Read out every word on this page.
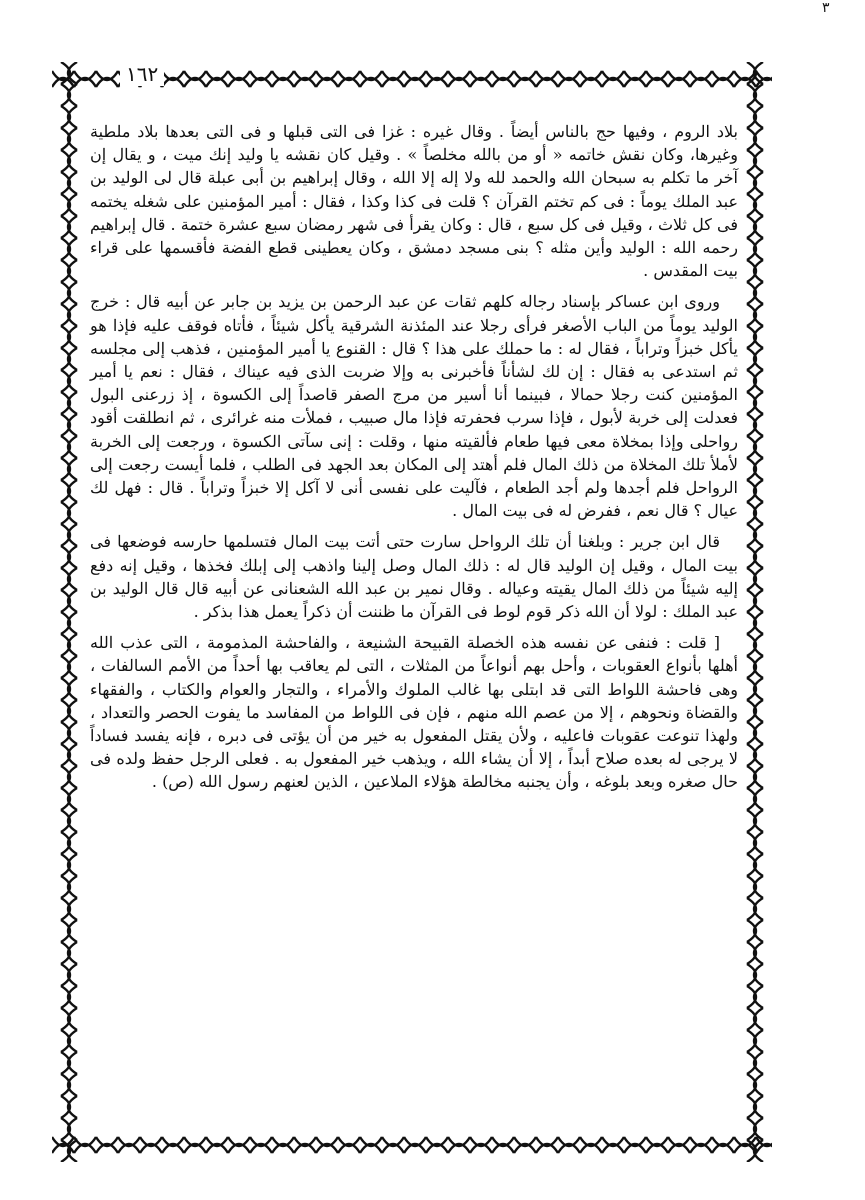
٣
١٦٢

بلاد الروم ، وفيها حج بالناس أيضاً . وقال غيره : غزا فى التى قبلها و فى التى بعدها بلاد ملطية وغيرها، وكان نقش خاتمه « أو من بالله مخلصاً » . وقيل كان نقشه يا وليد إنك ميت ، و يقال إن آخر ما تكلم به سبحان الله والحمد لله ولا إله إلا الله ، وقال إبراهيم بن أبى عبلة قال لى الوليد بن عبد الملك يوماً : فى كم تختم القرآن ؟ قلت فى كذا وكذا ، فقال : أمير المؤمنين على شغله يختمه فى كل ثلاث ، وقيل فى كل سبع ، قال : وكان يقرأ فى شهر رمضان سبع عشرة ختمة . قال إبراهيم رحمه الله : الوليد وأين مثله ؟ بنى مسجد دمشق ، وكان يعطينى قطع الفضة فأقسمها على قراء بيت المقدس .

وروى ابن عساكر بإسناد رجاله كلهم ثقات عن عبد الرحمن بن يزيد بن جابر عن أبيه قال : خرج الوليد يوماً من الباب الأصغر فرأى رجلا عند المئذنة الشرقية يأكل شيئاً ، فأتاه فوقف عليه فإذا هو يأكل خبزاً وتراباً ، فقال له : ما حملك على هذا ؟ قال : القنوع يا أمير المؤمنين ، فذهب إلى مجلسه ثم استدعى به فقال : إن لك لشأناً فأخبرنى به وإلا ضربت الذى فيه عيناك ، فقال : نعم يا أمير المؤمنين كنت رجلا حمالا ، فبينما أنا أسير من مرج الصفر قاصداً إلى الكسوة ، إذ زرعنى البول فعدلت إلى خربة لأبول ، فإذا سرب فحفرته فإذا مال صبيب ، فملأت منه غرائرى ، ثم انطلقت أقود رواحلى وإذا بمخلاة معى فيها طعام فألقيته منها ، وقلت : إنى سآتى الكسوة ، ورجعت إلى الخربة لأملأ تلك المخلاة من ذلك المال فلم أهتد إلى المكان بعد الجهد فى الطلب ، فلما أيست رجعت إلى الرواحل فلم أجدها ولم أجد الطعام ، فآليت على نفسى أنى لا آكل إلا خبزاً وتراباً . قال : فهل لك عيال ؟ قال نعم ، ففرض له فى بيت المال .

قال ابن جرير : وبلغنا أن تلك الرواحل سارت حتى أتت بيت المال فتسلمها حارسه فوضعها فى بيت المال ، وقيل إن الوليد قال له : ذلك المال وصل إلينا واذهب إلى إبلك فخذها ، وقيل إنه دفع إليه شيئاً من ذلك المال يقيته وعياله . وقال نمير بن عبد الله الشعنانى عن أبيه قال قال الوليد بن عبد الملك : لولا أن الله ذكر قوم لوط فى القرآن ما ظننت أن ذكراً يعمل هذا بذكر .

[ قلت : فنفى عن نفسه هذه الخصلة القبيحة الشنيعة ، والفاحشة المذمومة ، التى عذب الله أهلها بأنواع العقوبات ، وأحل بهم أنواعاً من المثلات ، التى لم يعاقب بها أحداً من الأمم السالفات ، وهى فاحشة اللواط التى قد ابتلى بها غالب الملوك والأمراء ، والتجار والعوام والكتاب ، والفقهاء والقضاة ونحوهم ، إلا من عصم الله منهم ، فإن فى اللواط من المفاسد ما يفوت الحصر والتعداد ، ولهذا تنوعت عقوبات فاعليه ، ولأن يقتل المفعول به خير من أن يؤتى فى دبره ، فإنه يفسد فساداً لا يرجى له بعده صلاح أبداً ، إلا أن يشاء الله ، ويذهب خير المفعول به . فعلى الرجل حفظ ولده فى حال صغره وبعد بلوغه ، وأن يجنبه مخالطة هؤلاء الملاعين ، الذين لعنهم رسول الله (ص) .
